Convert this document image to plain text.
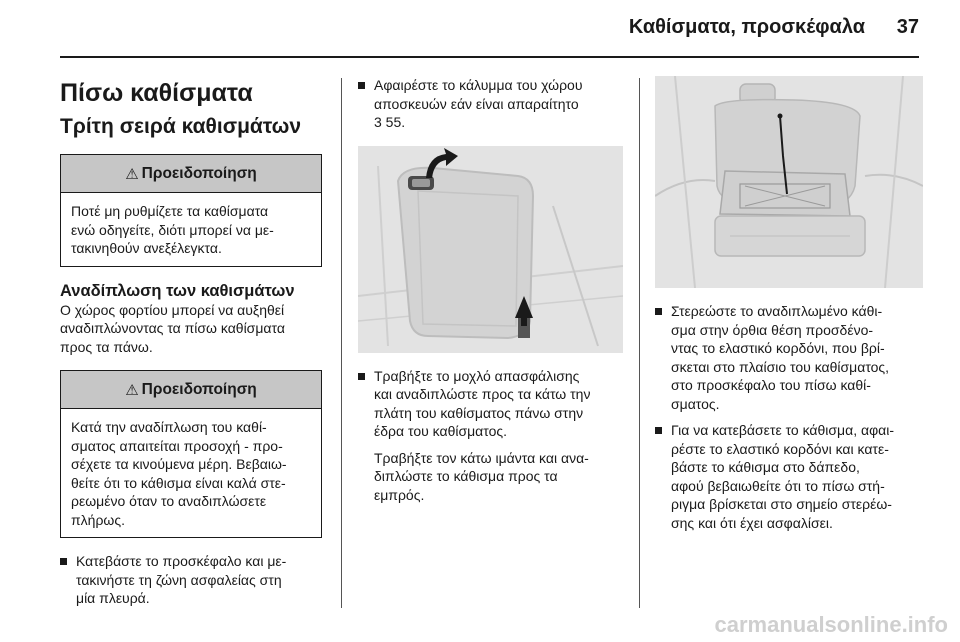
Καθίσματα, προσκέφαλα 37
Πίσω καθίσματα
Τρίτη σειρά καθισμάτων
⚠ Προειδοποίηση
Ποτέ μη ρυθμίζετε τα καθίσματα
ενώ οδηγείτε, διότι μπορεί να με-
τακινηθούν ανεξέλεγκτα.
Αναδίπλωση των καθισμάτων

Ο χώρος φορτίου μπορεί να αυξηθεί
αναδιπλώνοντας τα πίσω καθίσματα
προς τα πάνω.

⚠ Προειδοποίηση
Κατά την αναδίπλωση του καθί-
σματος απαιτείται προσοχή - προ-
σέχετε τα κινούμενα μέρη. Βεβαιω-
θείτε ότι το κάθισμα είναι καλά στε-
ρεωμένο όταν το αναδιπλώσετε
πλήρως.
Κατεβάστε το προσκέφαλο και με-
τακινήστε τη ζώνη ασφαλείας στη
μία πλευρά.
Αφαιρέστε το κάλυμμα του χώρου
αποσκευών εάν είναι απαραίτητο
3 55.
Τραβήξτε το μοχλό απασφάλισης
και αναδιπλώστε προς τα κάτω την
πλάτη του καθίσματος πάνω στην
έδρα του καθίσματος.

Τραβήξτε τον κάτω ιμάντα και ανα-
διπλώστε το κάθισμα προς τα
εμπρός.

Στερεώστε το αναδιπλωμένο κάθι-
σμα στην όρθια θέση προσδένο-
ντας το ελαστικό κορδόνι, που βρί-
σκεται στο πλαίσιο του καθίσματος,
στο προσκέφαλο του πίσω καθί-
σματος.
Για να κατεβάσετε το κάθισμα, αφαι-
ρέστε το ελαστικό κορδόνι και κατε-
βάστε το κάθισμα στο δάπεδο,
αφού βεβαιωθείτε ότι το πίσω στή-
ριγμα βρίσκεται στο σημείο στερέω-
σης και ότι έχει ασφαλίσει.
carmanualsonline.info
